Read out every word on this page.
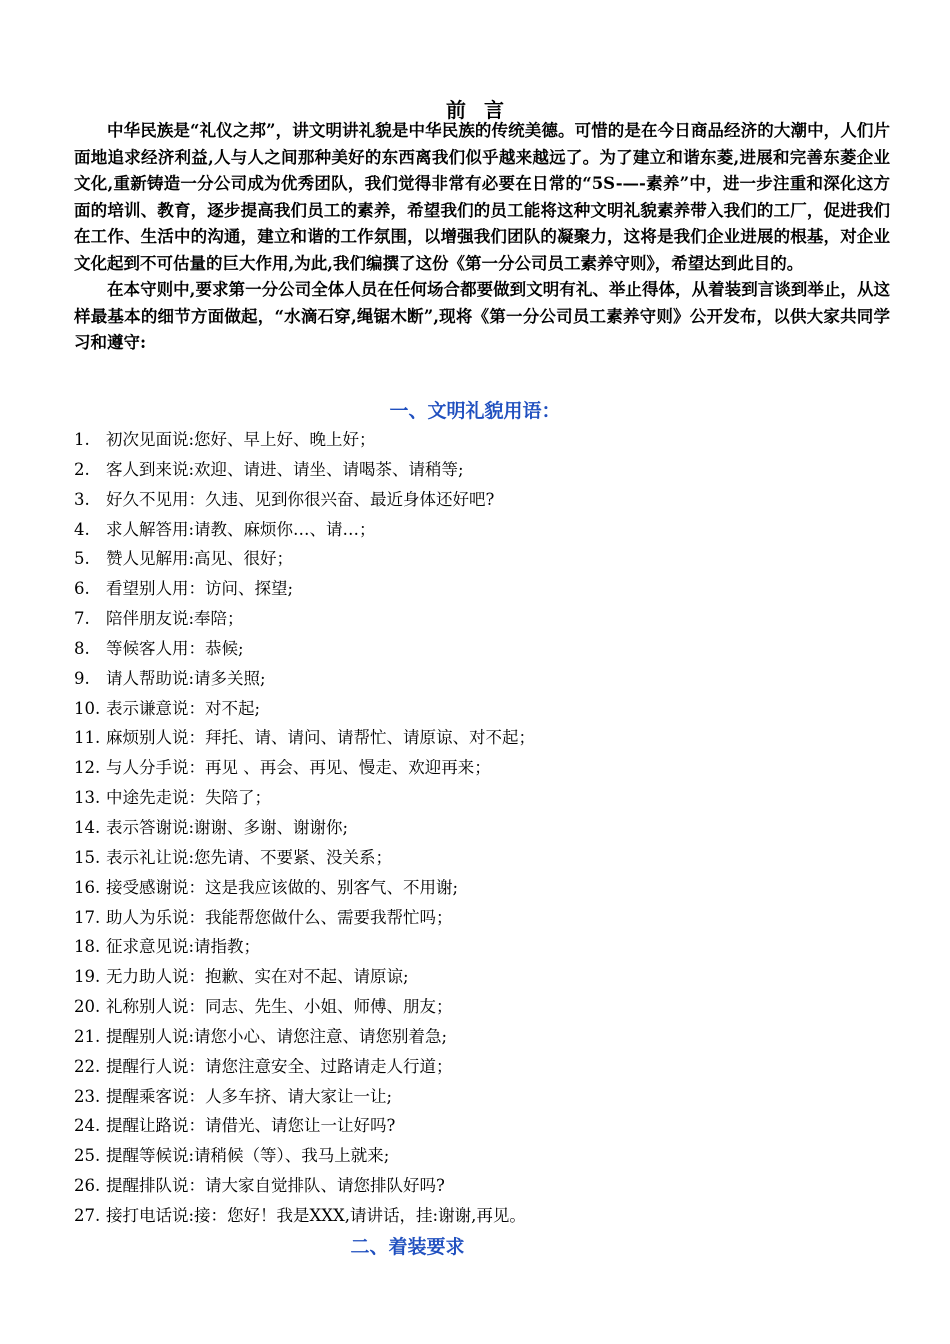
前言

中华民族是“礼仪之邦”，讲文明讲礼貌是中华民族的传统美德。可惜的是在今日商品经济的大潮中，人们片面地追求经济利益,人与人之间那种美好的东西离我们似乎越来越远了。为了建立和谐东菱,进展和完善东菱企业文化,重新铸造一分公司成为优秀团队，我们觉得非常有必要在日常的“5S-—-素养”中，进一步注重和深化这方面的培训、教育，逐步提高我们员工的素养，希望我们的员工能将这种文明礼貌素养带入我们的工厂，促进我们在工作、生活中的沟通，建立和谐的工作氛围，以增强我们团队的凝聚力，这将是我们企业进展的根基，对企业文化起到不可估量的巨大作用,为此,我们编撰了这份《第一分公司员工素养守则》，希望达到此目的。

在本守则中,要求第一分公司全体人员在任何场合都要做到文明有礼、举止得体，从着装到言谈到举止，从这样最基本的细节方面做起，“水滴石穿,绳锯木断”,现将《第一分公司员工素养守则》公开发布，以供大家共同学习和遵守:

一、文明礼貌用语：
1. 初次见面说:您好、早上好、晚上好；
2. 客人到来说:欢迎、请进、请坐、请喝茶、请稍等;
3. 好久不见用：久违、见到你很兴奋、最近身体还好吧?
4. 求人解答用:请教、麻烦你…、请…；
5. 赞人见解用:高见、很好；
6. 看望别人用：访问、探望;
7. 陪伴朋友说:奉陪；
8. 等候客人用：恭候;
9. 请人帮助说:请多关照;
10. 表示谦意说：对不起;
11. 麻烦别人说：拜托、请、请问、请帮忙、请原谅、对不起；
12. 与人分手说：再见 、再会、再见、慢走、欢迎再来；
13. 中途先走说：失陪了；
14. 表示答谢说:谢谢、多谢、谢谢你;
15. 表示礼让说:您先请、不要紧、没关系；
16. 接受感谢说：这是我应该做的、别客气、不用谢;
17. 助人为乐说：我能帮您做什么、需要我帮忙吗；
18. 征求意见说:请指教；
19. 无力助人说：抱歉、实在对不起、请原谅;
20. 礼称别人说：同志、先生、小姐、师傅、朋友；
21. 提醒别人说:请您小心、请您注意、请您别着急;
22. 提醒行人说：请您注意安全、过路请走人行道；
23. 提醒乘客说：人多车挤、请大家让一让;
24. 提醒让路说：请借光、请您让一让好吗?
25. 提醒等候说:请稍候（等）、我马上就来;
26. 提醒排队说：请大家自觉排队、请您排队好吗?
27. 接打电话说:接：您好！我是XXX,请讲话，挂:谢谢,再见。
二、着装要求
